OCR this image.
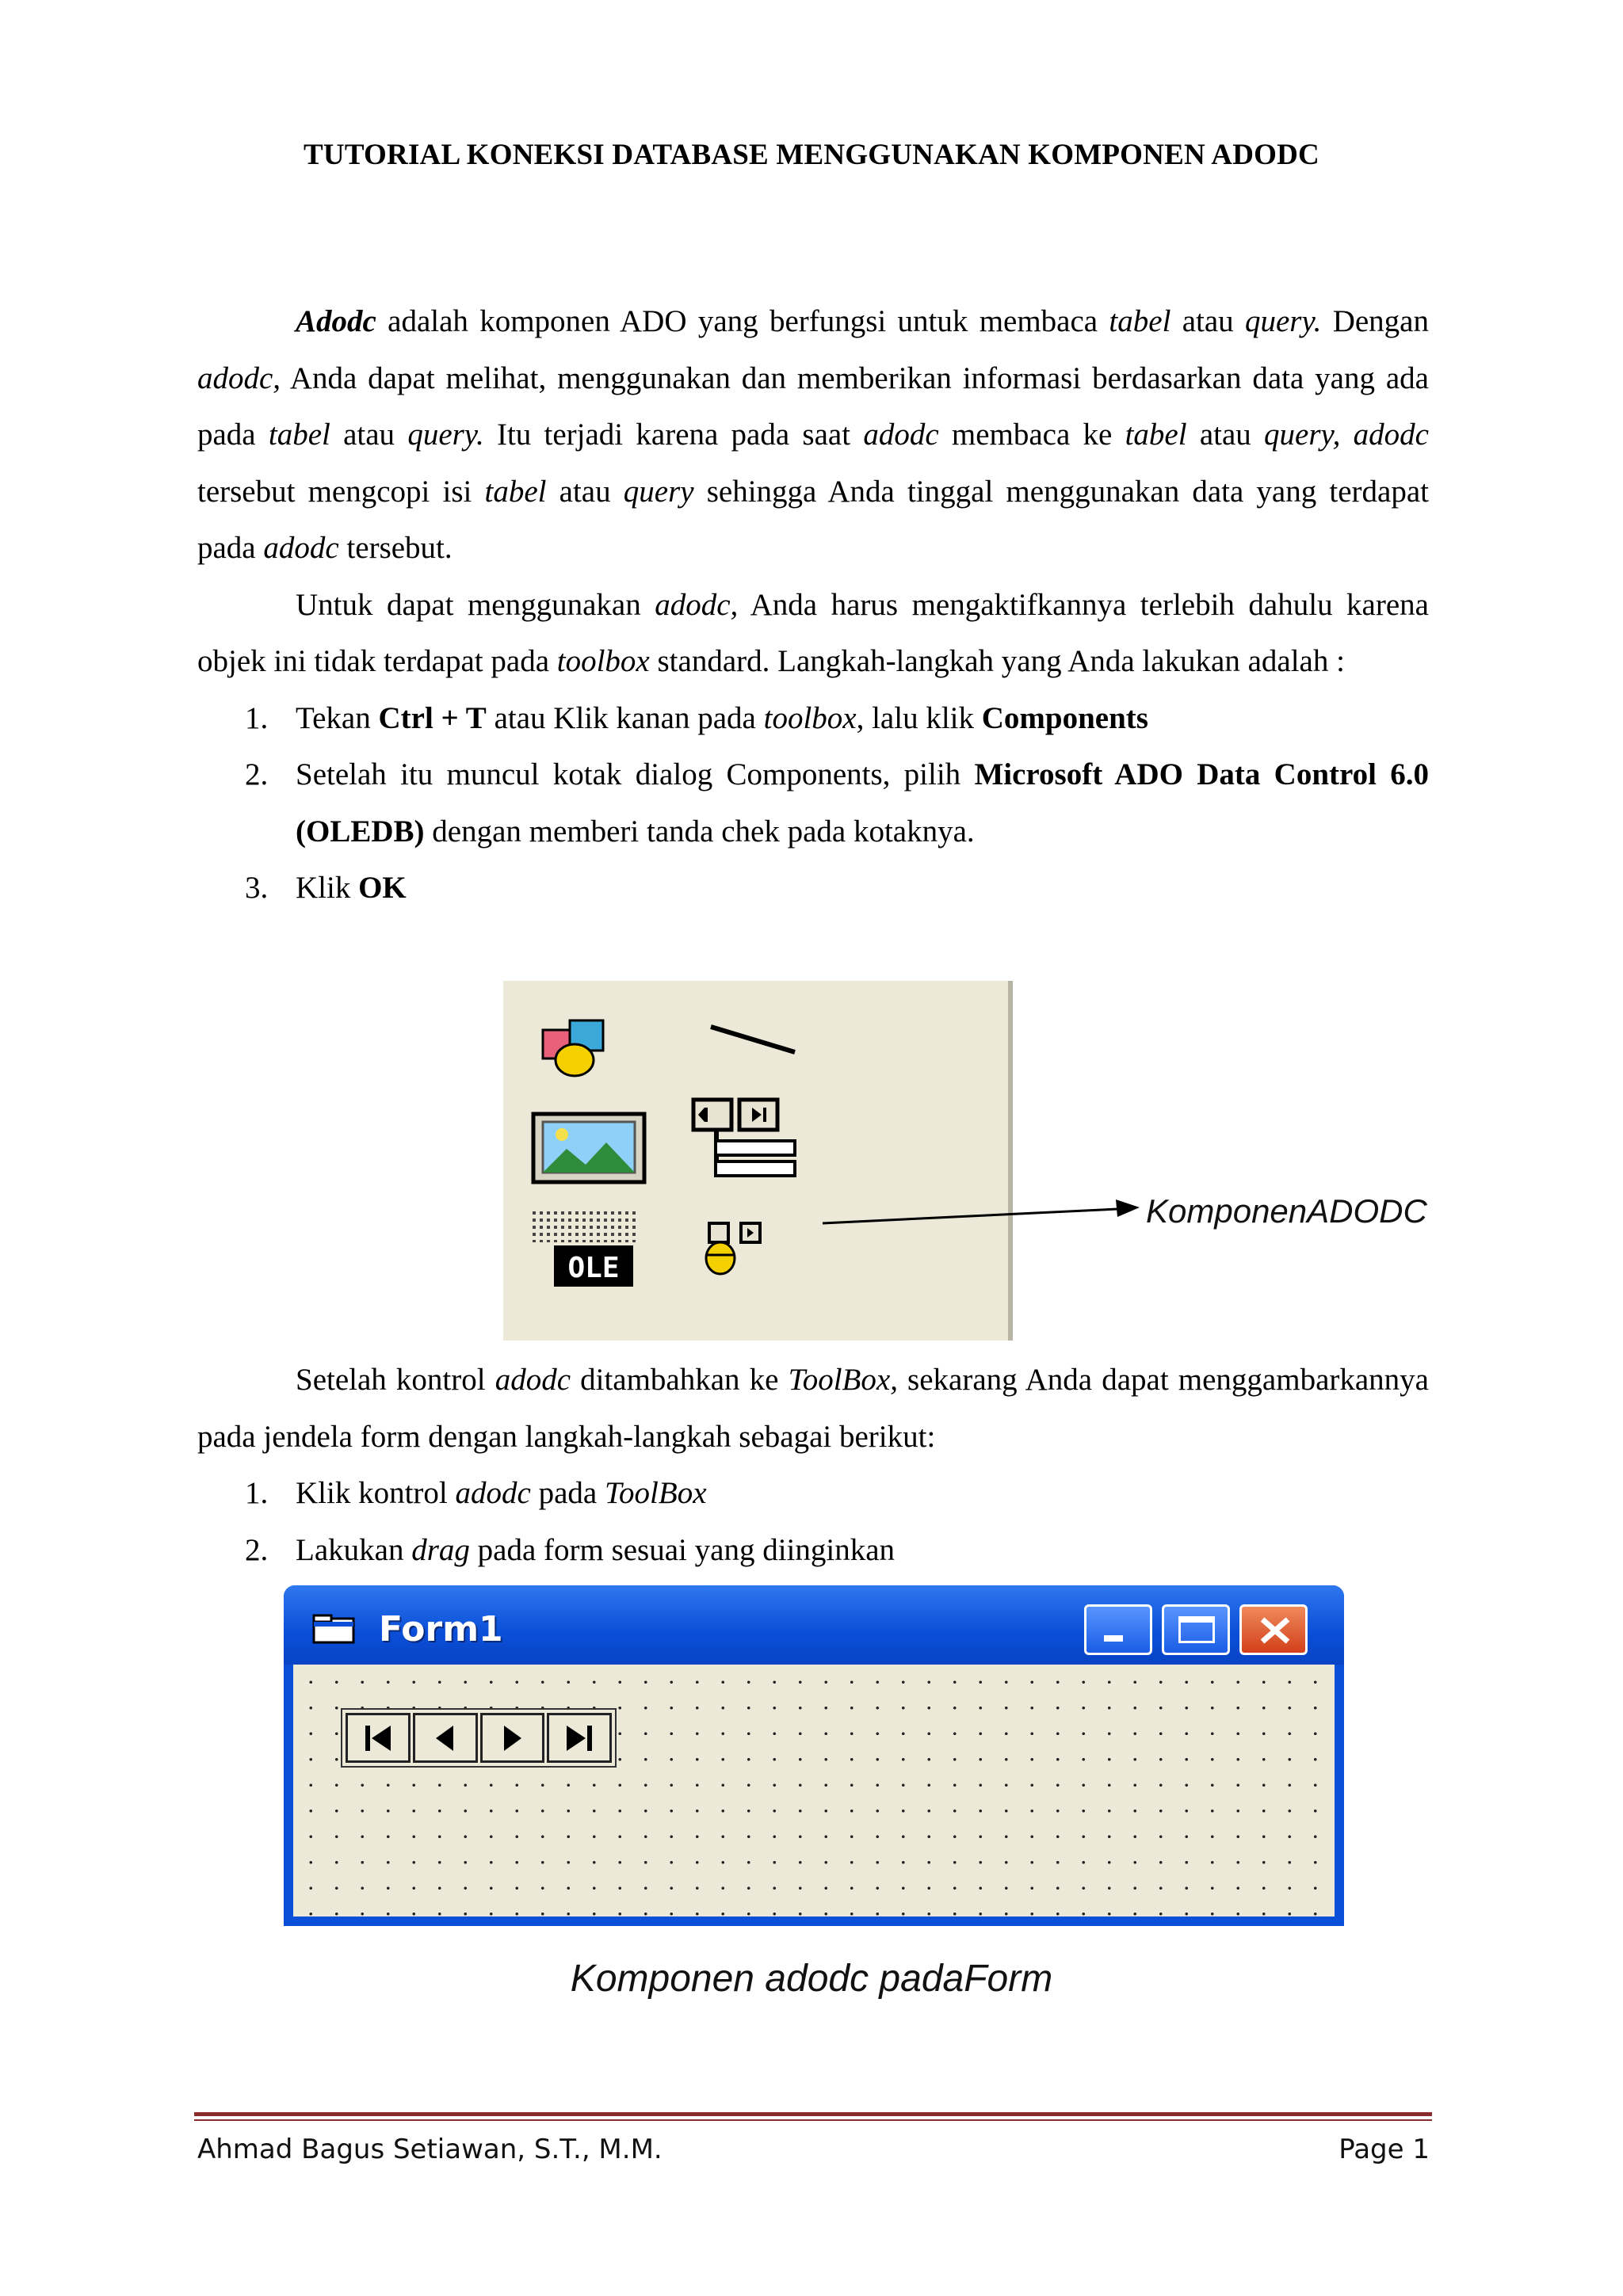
TUTORIAL KONEKSI DATABASE MENGGUNAKAN KOMPONEN ADODC

Adodc adalah komponen ADO yang berfungsi untuk membaca tabel atau query. Dengan adodc, Anda dapat melihat, menggunakan dan memberikan informasi berdasarkan data yang ada pada tabel atau query. Itu terjadi karena pada saat adodc membaca ke tabel atau query, adodc tersebut mengcopi isi tabel atau query sehingga Anda tinggal menggunakan data yang terdapat pada adodc tersebut.

Untuk dapat menggunakan adodc, Anda harus mengaktifkannya terlebih dahulu karena objek ini tidak terdapat pada toolbox standard. Langkah-langkah yang Anda lakukan adalah :

1. Tekan Ctrl + T atau Klik kanan pada toolbox, lalu klik Components
2. Setelah itu muncul kotak dialog Components, pilih Microsoft ADO Data Control 6.0 (OLEDB) dengan memberi tanda chek pada kotaknya.
3. Klik OK
OLE
KomponenADODC

Setelah kontrol adodc ditambahkan ke ToolBox, sekarang Anda dapat menggambarkannya pada jendela form dengan langkah-langkah sebagai berikut:

1. Klik kontrol adodc pada ToolBox
2. Lakukan drag pada form sesuai yang diinginkan
Form1
Komponen adodc padaForm
Ahmad Bagus Setiawan, S.T., M.M.	Page 1
